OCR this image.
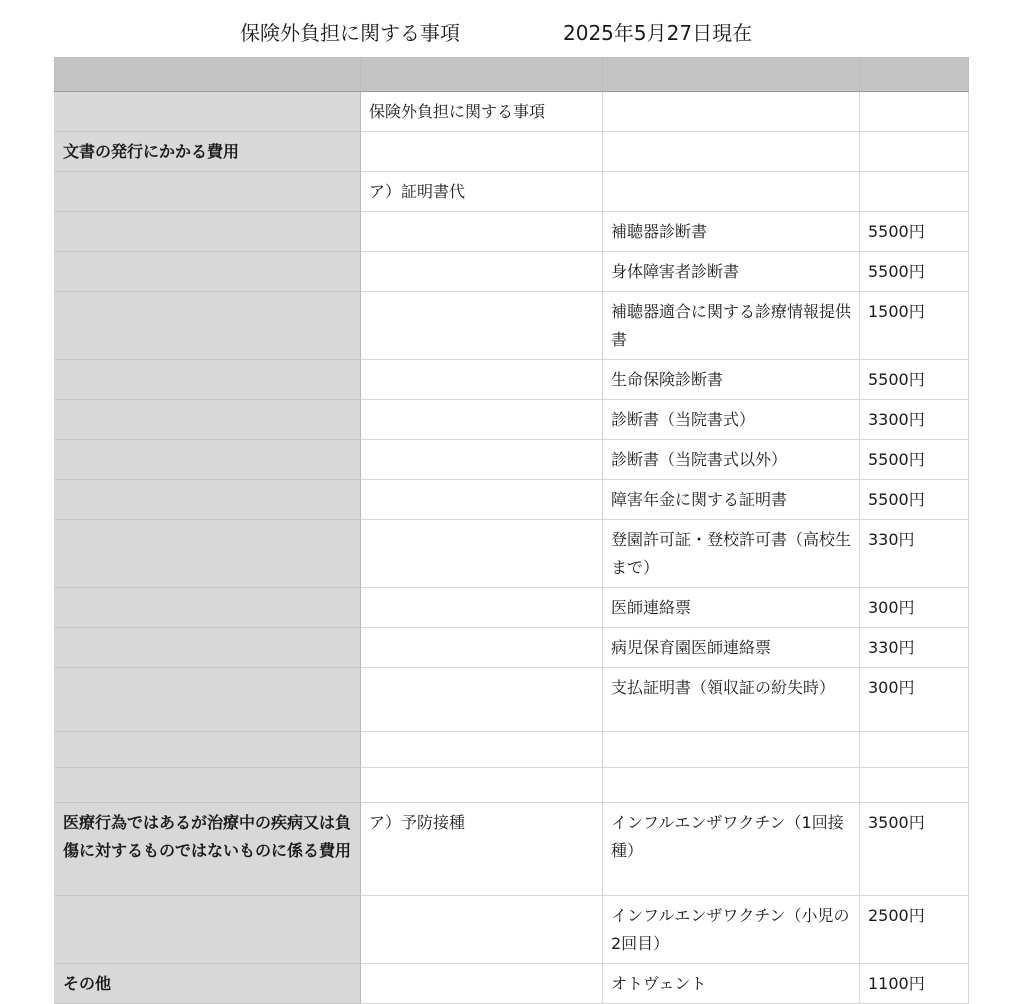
保険外負担に関する事項	2025年5月27日現在

	保険外負担に関する事項		
文書の発行にかかる費用			
	ア）証明書代		
		補聴器診断書	5500円
		身体障害者診断書	5500円
		補聴器適合に関する診療情報提供書	1500円
		生命保険診断書	5500円
		診断書（当院書式）	3300円
		診断書（当院書式以外）	5500円
		障害年金に関する証明書	5500円
		登園許可証・登校許可書（高校生まで）	330円
		医師連絡票	300円
		病児保育園医師連絡票	330円
		支払証明書（領収証の紛失時）	300円

医療行為ではあるが治療中の疾病又は負傷に対するものではないものに係る費用	ア）予防接種	インフルエンザワクチン（1回接種）	3500円
		インフルエンザワクチン（小児の2回目）	2500円
その他		オトヴェント	1100円
